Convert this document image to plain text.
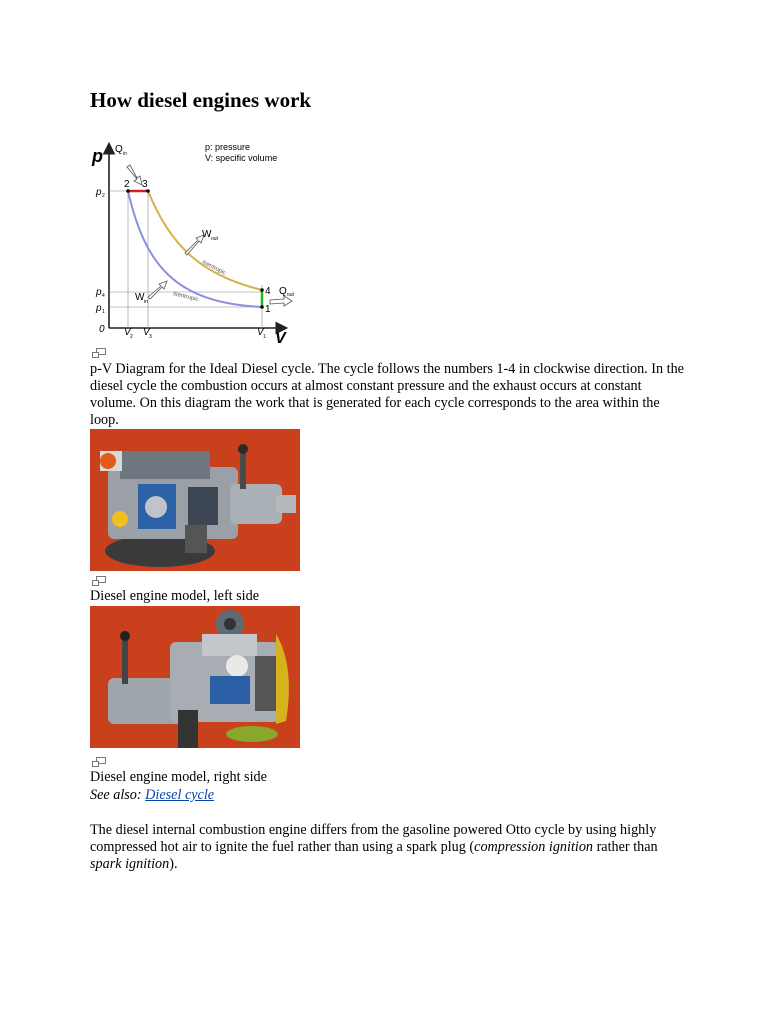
How diesel engines work
p
V
p: pressure
V: specific volume
Q in
2 3
4
1
Q out
W out
W in
isentropic
isentropic
p 2
p 4
p 1
0 V 2 V 3	V 1
p-V Diagram for the Ideal Diesel cycle. The cycle follows the numbers 1-4 in clockwise direction. In the diesel cycle the combustion occurs at almost constant pressure and the exhaust occurs at constant volume. On this diagram the work that is generated for each cycle corresponds to the area within the loop.
Diesel engine model, left side
Diesel engine model, right side
See also: Diesel cycle
The diesel internal combustion engine differs from the gasoline powered Otto cycle by using highly compressed hot air to ignite the fuel rather than using a spark plug (compression ignition rather than spark ignition).
